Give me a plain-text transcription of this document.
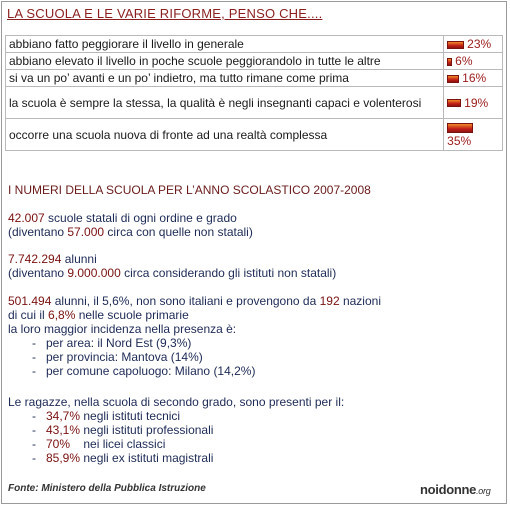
LA SCUOLA E LE VARIE RIFORME, PENSO CHE....
abbiano fatto peggiorare il livello in generale	23%
abbiano elevato il livello in poche scuole peggiorandolo in tutte le altre	6%
si va un po’ avanti e un po’ indietro, ma tutto rimane come prima	16%
la scuola è sempre la stessa, la qualità è negli insegnanti capaci e volenterosi	19%
occorre una scuola nuova di fronte ad una realtà complessa	35%
I NUMERI DELLA SCUOLA PER L’ANNO SCOLASTICO 2007-2008
42.007 scuole statali di ogni ordine e grado
(diventano 57.000 circa con quelle non statali)
7.742.294 alunni
(diventano 9.000.000 circa considerando gli istituti non statali)
501.494 alunni, il 5,6%, non sono italiani e provengono da 192 nazioni
di cui il 6,8% nelle scuole primarie
la loro maggior incidenza nella presenza è:
- per area: il Nord Est (9,3%)
- per provincia: Mantova (14%)
- per comune capoluogo: Milano (14,2%)
Le ragazze, nella scuola di secondo grado, sono presenti per il:
- 34,7% negli istituti tecnici
- 43,1% negli istituti professionali
- 70%    nei licei classici
- 85,9% negli ex istituti magistrali
Fonte: Ministero della Pubblica Istruzione	noidonne.org
